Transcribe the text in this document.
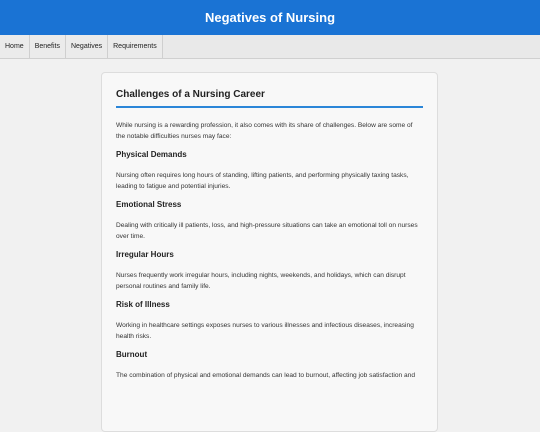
Negatives of Nursing
Home	Benefits	Negatives	Requirements
Challenges of a Nursing Career

While nursing is a rewarding profession, it also comes with its share of challenges. Below are some of the notable difficulties nurses may face:

Physical Demands

Nursing often requires long hours of standing, lifting patients, and performing physically taxing tasks, leading to fatigue and potential injuries.

Emotional Stress

Dealing with critically ill patients, loss, and high-pressure situations can take an emotional toll on nurses over time.

Irregular Hours

Nurses frequently work irregular hours, including nights, weekends, and holidays, which can disrupt personal routines and family life.

Risk of Illness

Working in healthcare settings exposes nurses to various illnesses and infectious diseases, increasing health risks.

Burnout

The combination of physical and emotional demands can lead to burnout, affecting job satisfaction and
